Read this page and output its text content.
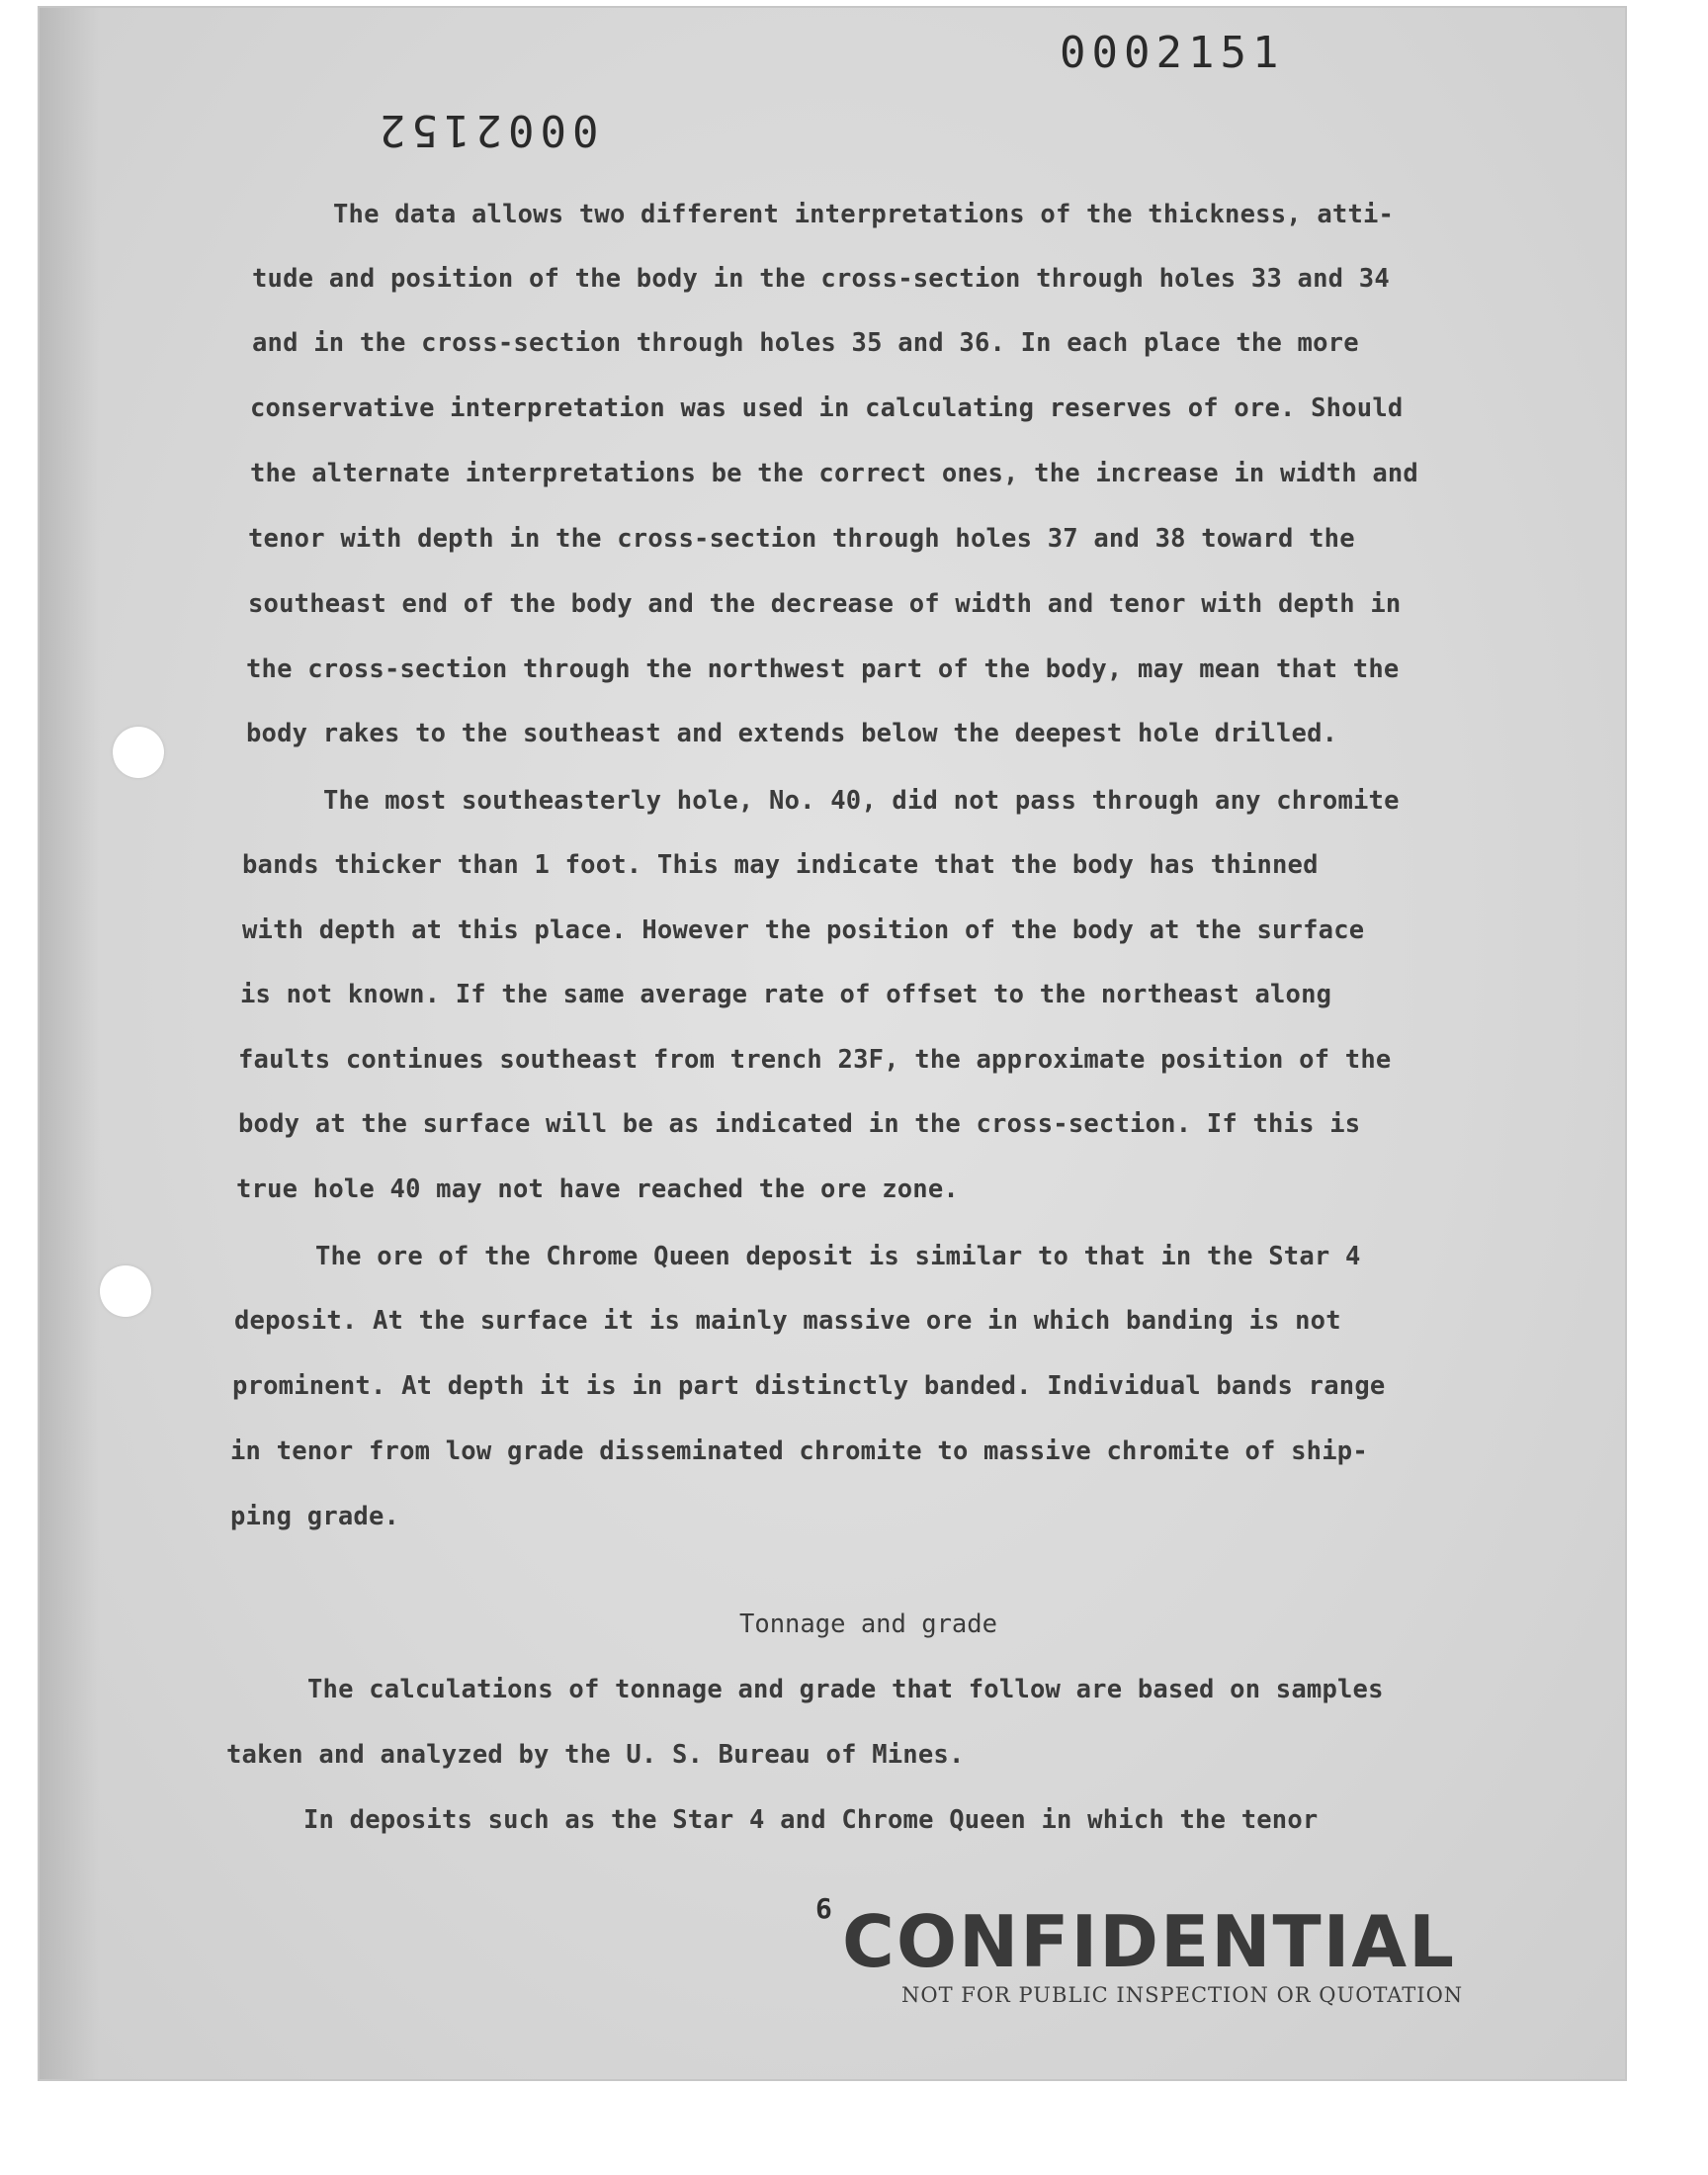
0002151
0002152
The data allows two different interpretations of the thickness, atti-
tude and position of the body in the cross-section through holes 33 and 34
and in the cross-section through holes 35 and 36. In each place the more
conservative interpretation was used in calculating reserves of ore. Should
the alternate interpretations be the correct ones, the increase in width and
tenor with depth in the cross-section through holes 37 and 38 toward the
southeast end of the body and the decrease of width and tenor with depth in
the cross-section through the northwest part of the body, may mean that the
body rakes to the southeast and extends below the deepest hole drilled.
The most southeasterly hole, No. 40, did not pass through any chromite
bands thicker than 1 foot. This may indicate that the body has thinned
with depth at this place. However the position of the body at the surface
is not known. If the same average rate of offset to the northeast along
faults continues southeast from trench 23F, the approximate position of the
body at the surface will be as indicated in the cross-section. If this is
true hole 40 may not have reached the ore zone.
The ore of the Chrome Queen deposit is similar to that in the Star 4
deposit. At the surface it is mainly massive ore in which banding is not
prominent. At depth it is in part distinctly banded. Individual bands range
in tenor from low grade disseminated chromite to massive chromite of ship-
ping grade.
Tonnage and grade
The calculations of tonnage and grade that follow are based on samples
taken and analyzed by the U. S. Bureau of Mines.
In deposits such as the Star 4 and Chrome Queen in which the tenor
6 CONFIDENTIAL
NOT FOR PUBLIC INSPECTION OR QUOTATION
